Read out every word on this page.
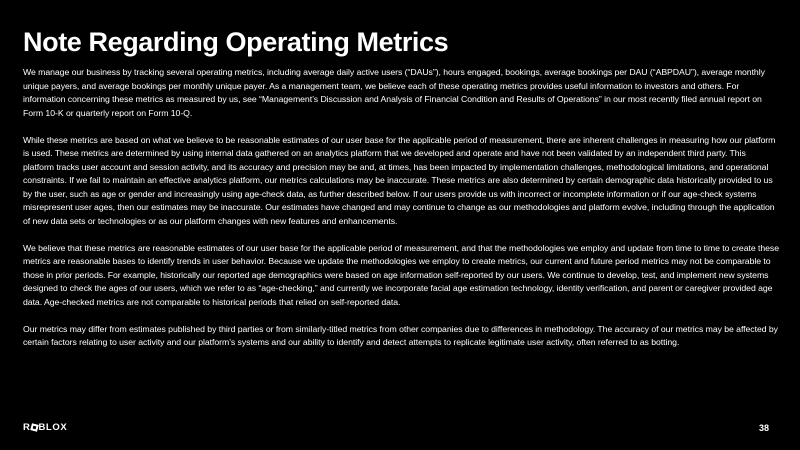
Note Regarding Operating Metrics

We manage our business by tracking several operating metrics, including average daily active users (“DAUs”), hours engaged, bookings, average bookings per DAU (“ABPDAU”), average monthly unique payers, and average bookings per monthly unique payer. As a management team, we believe each of these operating metrics provides useful information to investors and others. For information concerning these metrics as measured by us, see “Management’s Discussion and Analysis of Financial Condition and Results of Operations” in our most recently filed annual report on Form 10-K or quarterly report on Form 10-Q.

While these metrics are based on what we believe to be reasonable estimates of our user base for the applicable period of measurement, there are inherent challenges in measuring how our platform is used. These metrics are determined by using internal data gathered on an analytics platform that we developed and operate and have not been validated by an independent third party. This platform tracks user account and session activity, and its accuracy and precision may be and, at times, has been impacted by implementation challenges, methodological limitations, and operational constraints. If we fail to maintain an effective analytics platform, our metrics calculations may be inaccurate. These metrics are also determined by certain demographic data historically provided to us by the user, such as age or gender and increasingly using age-check data, as further described below. If our users provide us with incorrect or incomplete information or if our age-check systems misrepresent user ages, then our estimates may be inaccurate. Our estimates have changed and may continue to change as our methodologies and platform evolve, including through the application of new data sets or technologies or as our platform changes with new features and enhancements.

We believe that these metrics are reasonable estimates of our user base for the applicable period of measurement, and that the methodologies we employ and update from time to time to create these metrics are reasonable bases to identify trends in user behavior. Because we update the methodologies we employ to create metrics, our current and future period metrics may not be comparable to those in prior periods. For example, historically our reported age demographics were based on age information self-reported by our users. We continue to develop, test, and implement new systems designed to check the ages of our users, which we refer to as “age-checking,” and currently we incorporate facial age estimation technology, identity verification, and parent or caregiver provided age data. Age-checked metrics are not comparable to historical periods that relied on self-reported data.

Our metrics may differ from estimates published by third parties or from similarly-titled metrics from other companies due to differences in methodology. The accuracy of our metrics may be affected by certain factors relating to user activity and our platform’s systems and our ability to identify and detect attempts to replicate legitimate user activity, often referred to as botting.

R BLOX	38
